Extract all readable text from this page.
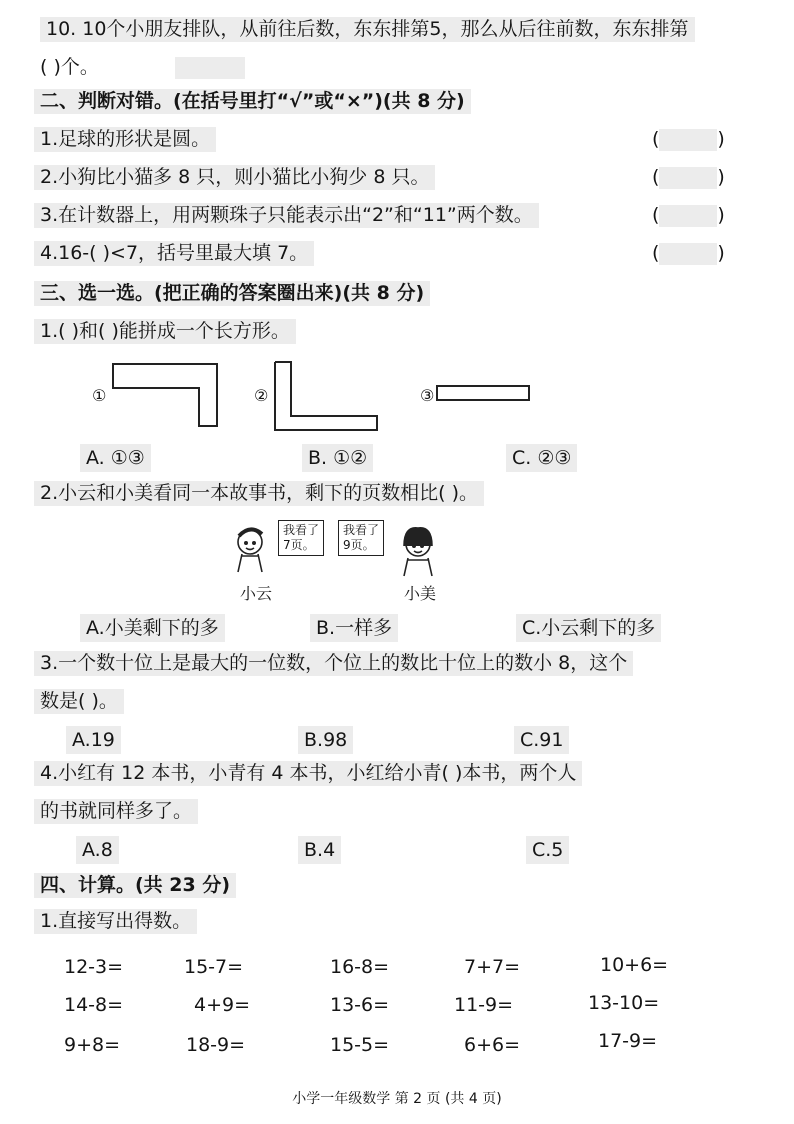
10. 10个小朋友排队，从前往后数，东东排第5，那么从后往前数，东东排第
( )个。
二、判断对错。(在括号里打“√”或“×”)(共 8 分)
1.足球的形状是圆。	(	)
2.小狗比小猫多 8 只，则小猫比小狗少 8 只。	(	)
3.在计数器上，用两颗珠子只能表示出“2”和“11”两个数。	(	)
4.16-( )<7，括号里最大填 7。	(	)
三、选一选。(把正确的答案圈出来)(共 8 分)
1.( )和( )能拼成一个长方形。
①	②	③
A. ①③	B. ①②	C. ②③
2.小云和小美看同一本故事书，剩下的页数相比( )。
我看了
7页。
我看了
9页。
小云	小美
A.小美剩下的多	B.一样多	C.小云剩下的多
3.一个数十位上是最大的一位数，个位上的数比十位上的数小 8，这个
数是( )。
A.19	B.98	C.91
4.小红有 12 本书，小青有 4 本书，小红给小青( )本书，两个人
的书就同样多了。
A.8	B.4	C.5
四、计算。(共 23 分)
1.直接写出得数。
12-3=	15-7=	16-8=	7+7=	10+6=
14-8=	4+9=	13-6=	11-9=	13-10=
9+8=	18-9=	15-5=	6+6=	17-9=
小学一年级数学 第 2 页 (共 4 页)
